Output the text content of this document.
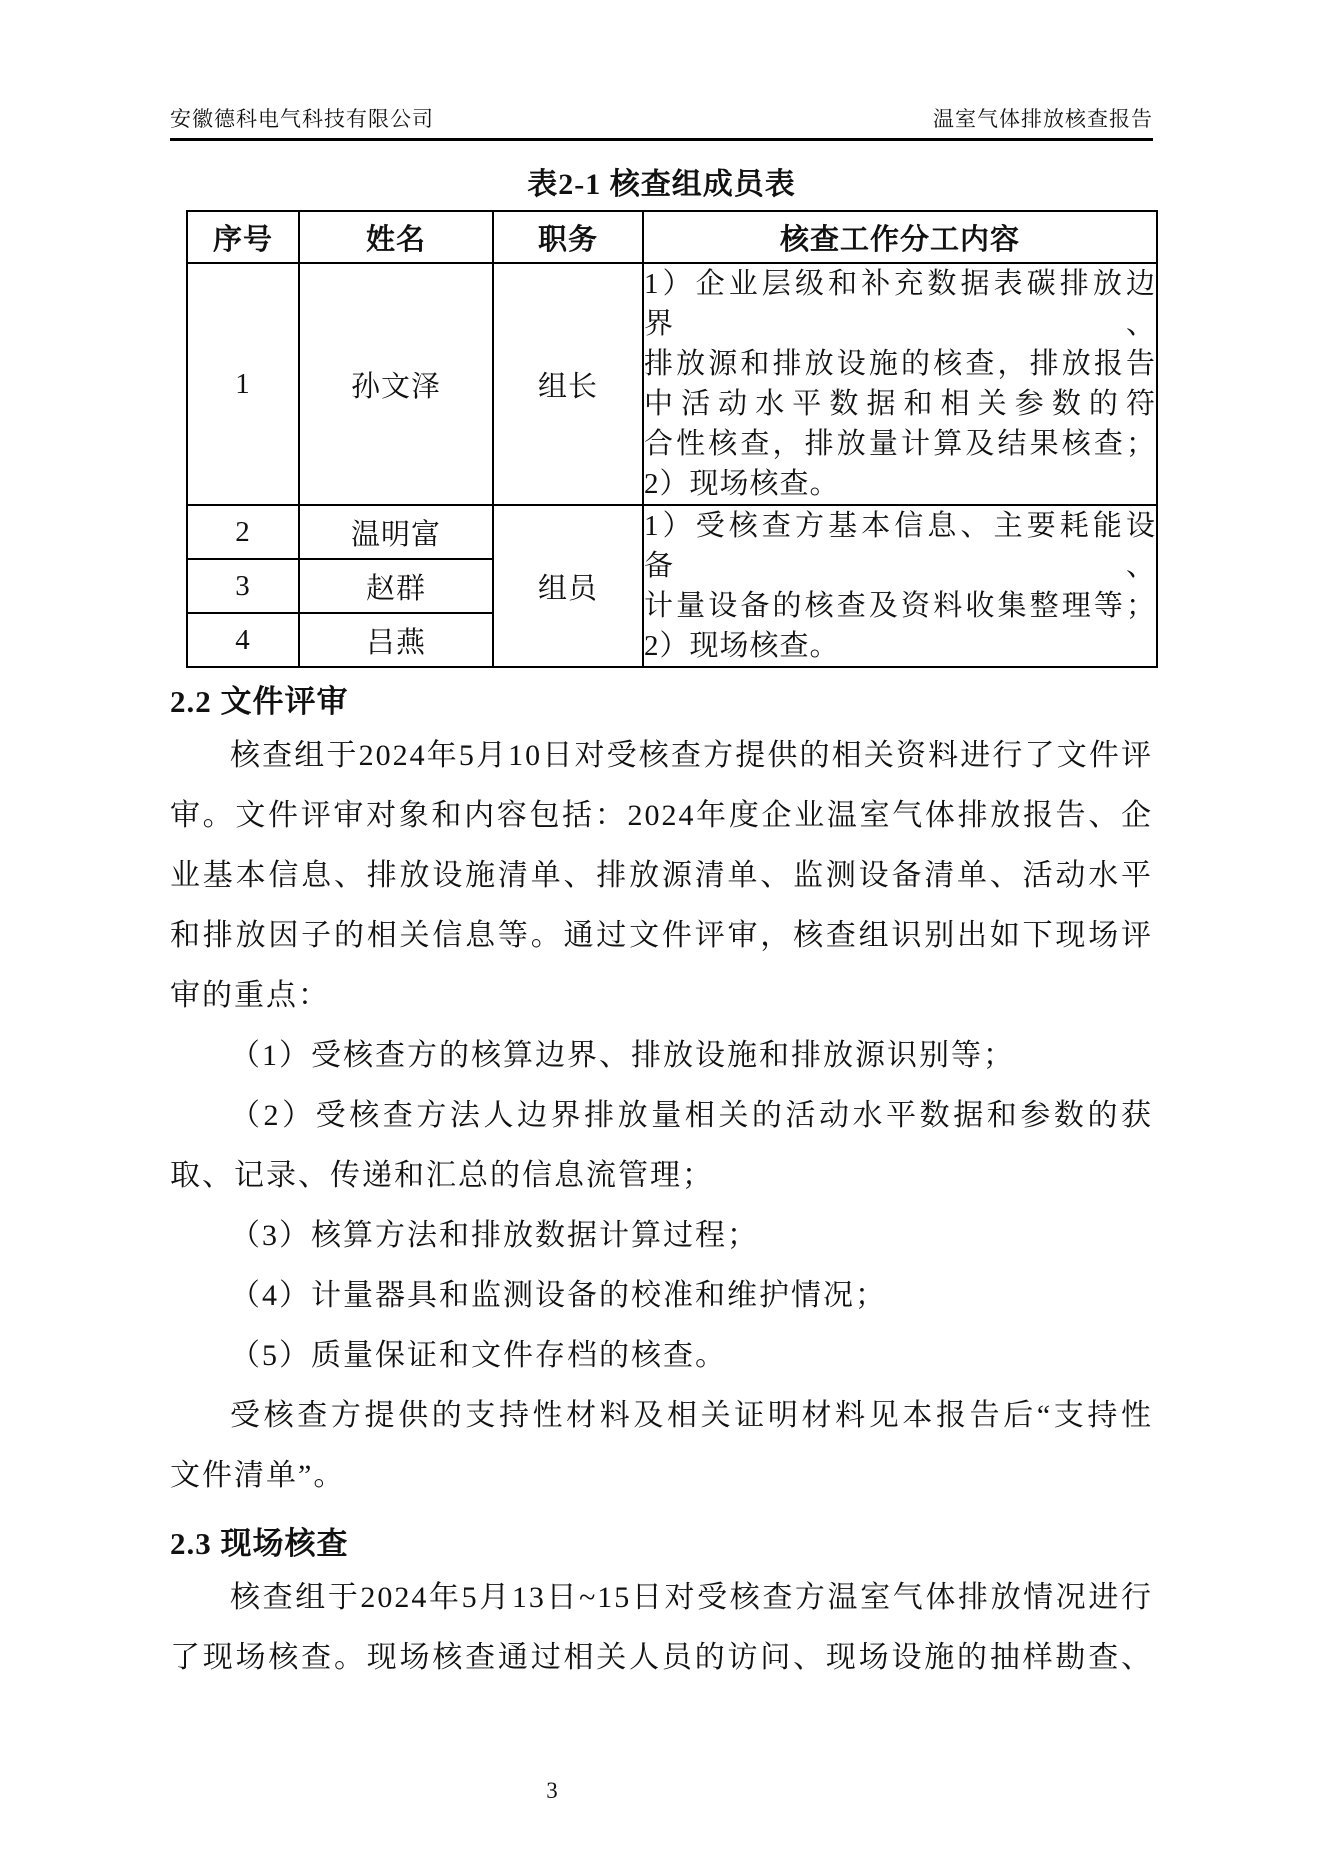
安徽德科电气科技有限公司	温室气体排放核查报告
表2-1 核查组成员表
序号	姓名	职务	核查工作分工内容
1	孙文泽	组长	1）企业层级和补充数据表碳排放边界、
排放源和排放设施的核查，排放报告
中活动水平数据和相关参数的符
合性核查，排放量计算及结果核查；
2）现场核查。

2	温明富	组员	1）受核查方基本信息、主要耗能设备、
计量设备的核查及资料收集整理等；
2）现场核查。

3	赵群		
4	吕燕		
2.2 文件评审
核查组于2024年5月10日对受核查方提供的相关资料进行了文件评
审。文件评审对象和内容包括：2024年度企业温室气体排放报告、企
业基本信息、排放设施清单、排放源清单、监测设备清单、活动水平
和排放因子的相关信息等。通过文件评审，核查组识别出如下现场评
审的重点：
（1）受核查方的核算边界、排放设施和排放源识别等；
（2）受核查方法人边界排放量相关的活动水平数据和参数的获
取、记录、传递和汇总的信息流管理；
（3）核算方法和排放数据计算过程；
（4）计量器具和监测设备的校准和维护情况；
（5）质量保证和文件存档的核查。
受核查方提供的支持性材料及相关证明材料见本报告后“支持性
文件清单”。
2.3 现场核查
核查组于2024年5月13日~15日对受核查方温室气体排放情况进行
了现场核查。现场核查通过相关人员的访问、现场设施的抽样勘查、
3
